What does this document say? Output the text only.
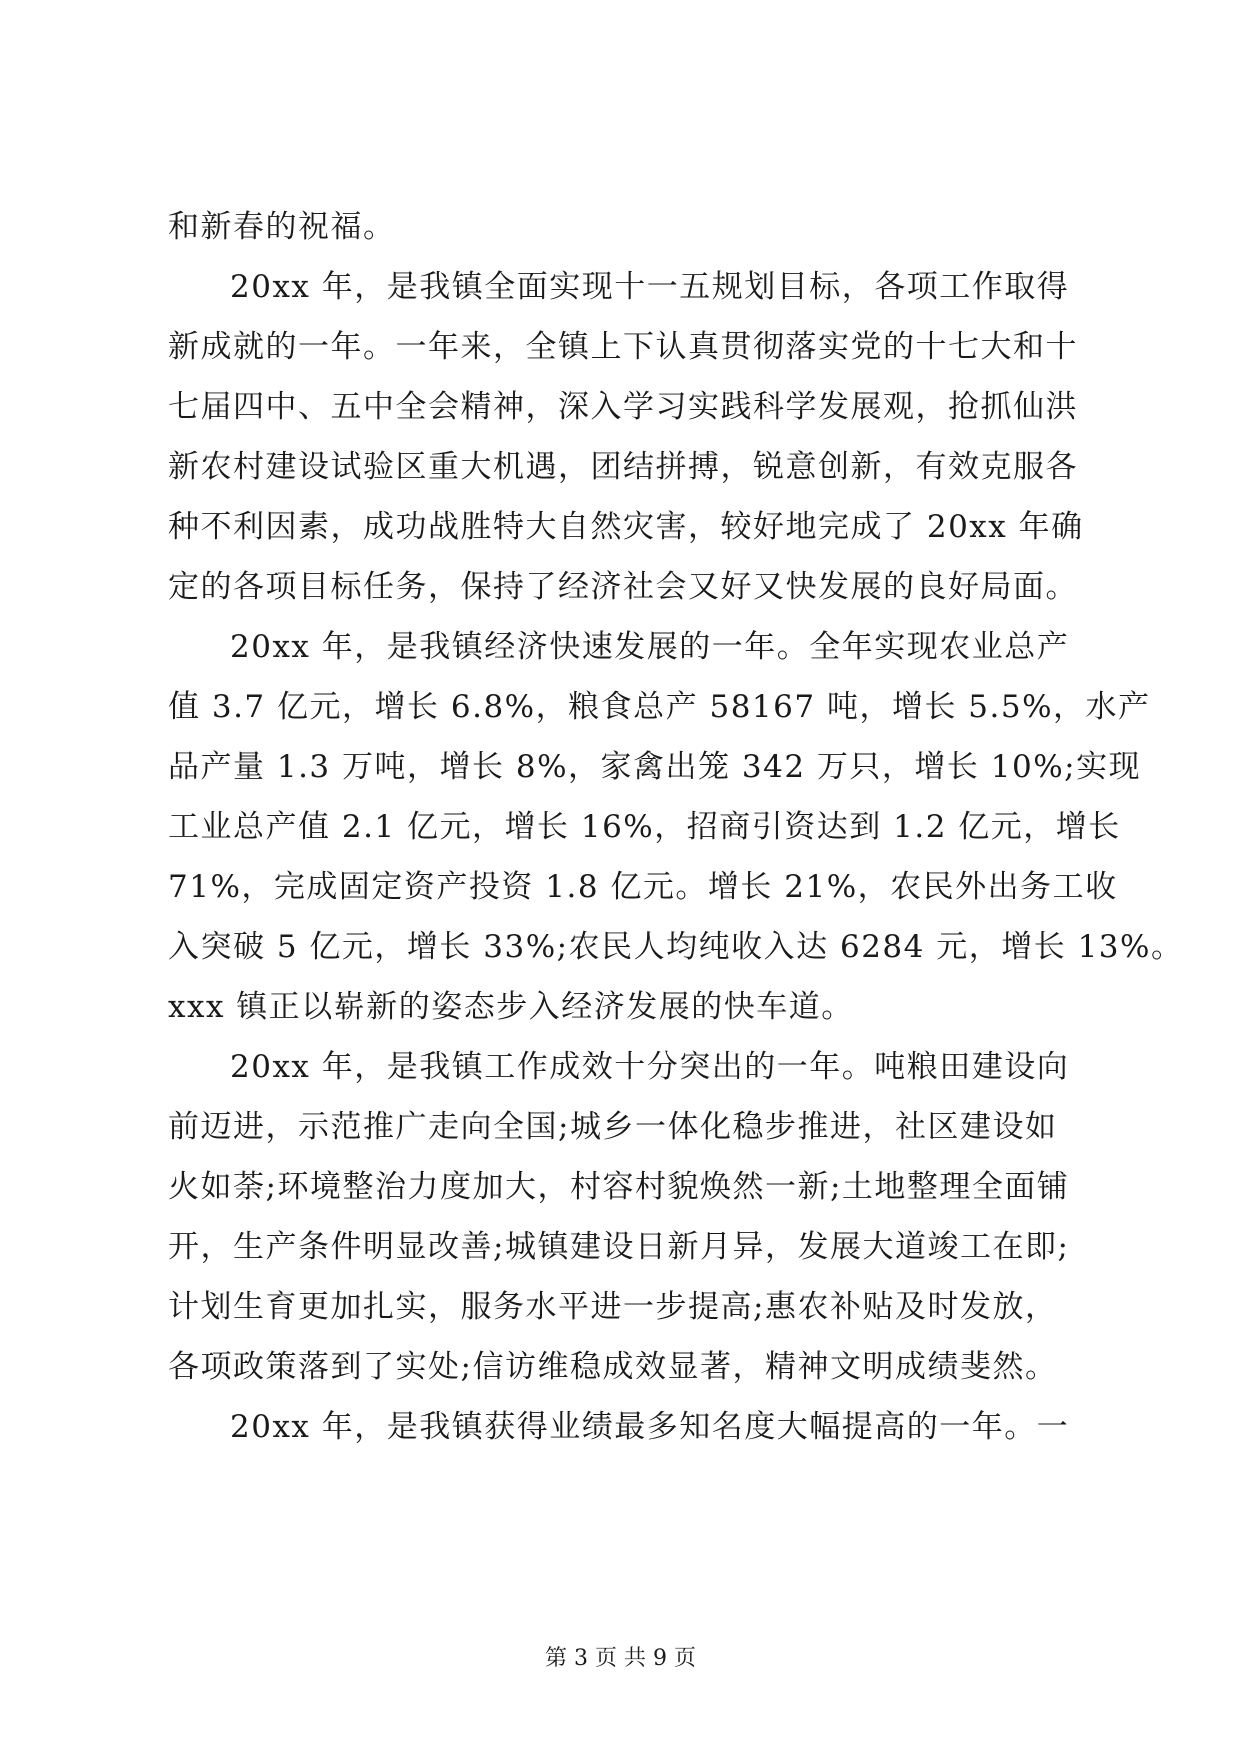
和新春的祝福。
20xx 年，是我镇全面实现十一五规划目标，各项工作取得
新成就的一年。一年来，全镇上下认真贯彻落实党的十七大和十
七届四中、五中全会精神，深入学习实践科学发展观，抢抓仙洪
新农村建设试验区重大机遇，团结拼搏，锐意创新，有效克服各
种不利因素，成功战胜特大自然灾害，较好地完成了 20xx 年确
定的各项目标任务，保持了经济社会又好又快发展的良好局面。
20xx 年，是我镇经济快速发展的一年。全年实现农业总产
值 3.7 亿元，增长 6.8%，粮食总产 58167 吨，增长 5.5%，水产
品产量 1.3 万吨，增长 8%，家禽出笼 342 万只，增长 10%;实现
工业总产值 2.1 亿元，增长 16%，招商引资达到 1.2 亿元，增长
71%，完成固定资产投资 1.8 亿元。增长 21%，农民外出务工收
入突破 5 亿元，增长 33%;农民人均纯收入达 6284 元，增长 13%。
xxx 镇正以崭新的姿态步入经济发展的快车道。
20xx 年，是我镇工作成效十分突出的一年。吨粮田建设向
前迈进，示范推广走向全国;城乡一体化稳步推进，社区建设如
火如荼;环境整治力度加大，村容村貌焕然一新;土地整理全面铺
开，生产条件明显改善;城镇建设日新月异，发展大道竣工在即;
计划生育更加扎实，服务水平进一步提高;惠农补贴及时发放，
各项政策落到了实处;信访维稳成效显著，精神文明成绩斐然。
20xx 年，是我镇获得业绩最多知名度大幅提高的一年。一
第 3 页 共 9 页
